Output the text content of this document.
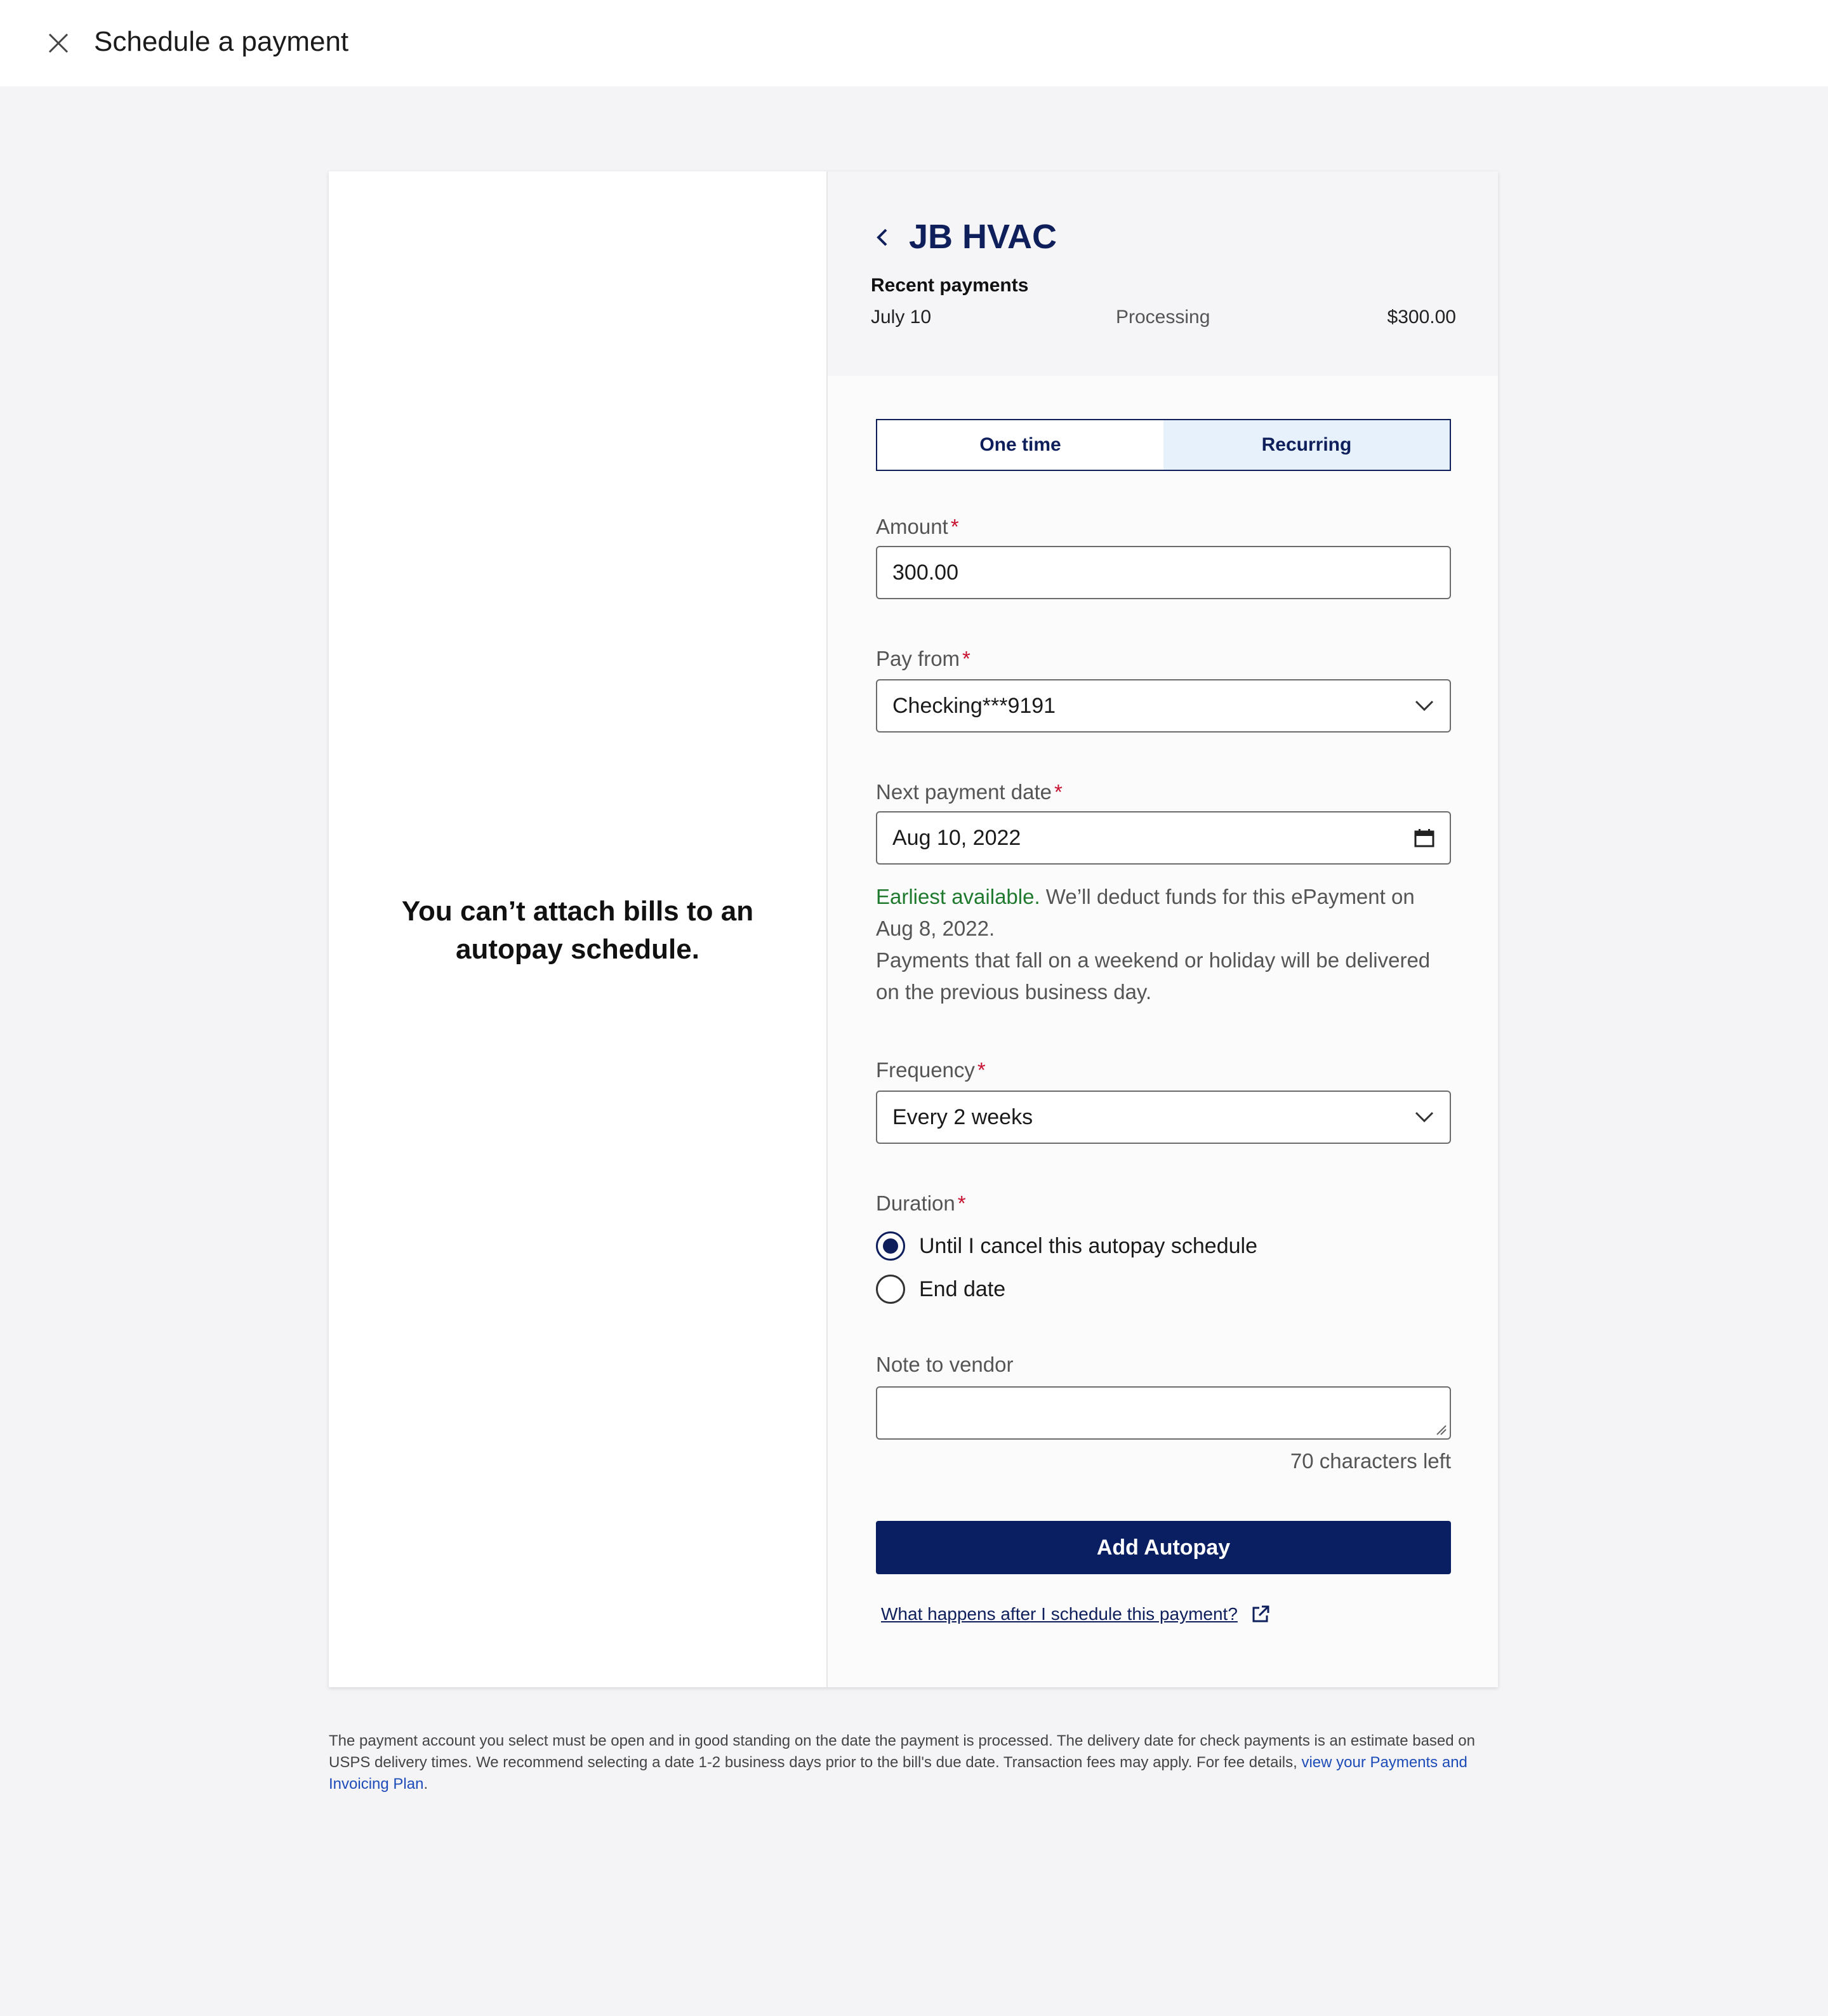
Schedule a payment
You can’t attach bills to an autopay schedule.
JB HVAC
Recent payments
July 10	Processing	$300.00
One time	Recurring
Amount *
300.00
Pay from *
Checking***9191
Next payment date *
Aug 10, 2022
Earliest available. We’ll deduct funds for this ePayment on Aug 8, 2022.
Payments that fall on a weekend or holiday will be delivered on the previous business day.
Frequency *
Every 2 weeks
Duration *
Until I cancel this autopay schedule
End date
Note to vendor
70 characters left
Add Autopay
What happens after I schedule this payment?
The payment account you select must be open and in good standing on the date the payment is processed. The delivery date for check payments is an estimate based on USPS delivery times. We recommend selecting a date 1-2 business days prior to the bill's due date. Transaction fees may apply. For fee details, view your Payments and Invoicing Plan.
